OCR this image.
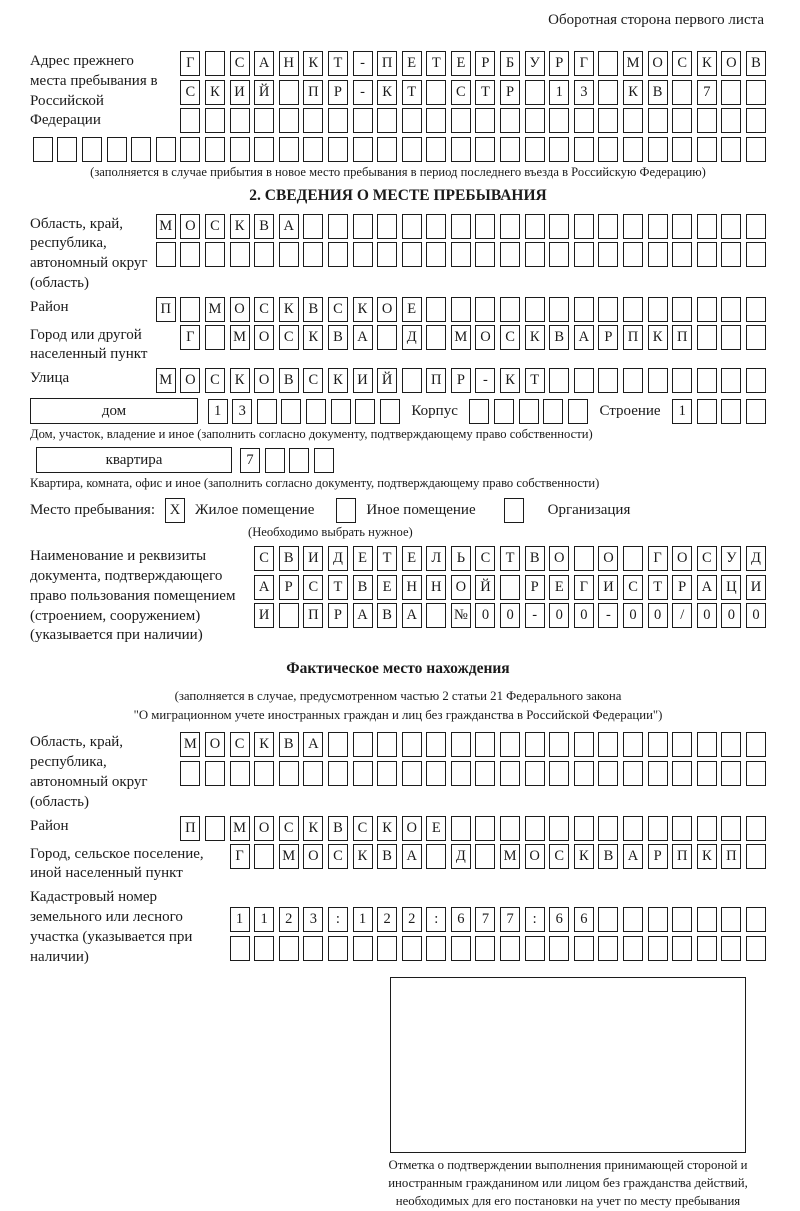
Оборотная сторона первого листа
Адрес прежнего места пребывания в Российской Федерации
Г	С	А Н	К	Т	-	П	Е	Т	Е	Р	Б	У	Р	Г	М О	С	К	О	В
С	К	И Й	П	Р	-	К	Т	С	Т	Р	1	3	К	В	7
(заполняется в случае прибытия в новое место пребывания в период последнего въезда в Российскую Федерацию)
2. СВЕДЕНИЯ О МЕСТЕ ПРЕБЫВАНИЯ
Область, край, республика, автономный округ (область)
М О	С	К	В	А
Район	П	М О	С	К	В	С	К	О	Е
Город или другой населенный пункт
Г	М О	С	К	В	А	Д	М О	С	К	В	А	Р	П	К	П
Улица	М О	С	К	О	В	С	К	И Й	П	Р	-	К	Т
дом	1	3	Корпус	Строение	1
Дом, участок, владение и иное (заполнить согласно документу, подтверждающему право собственности)
квартира	7
Квартира, комната, офис и иное (заполнить согласно документу, подтверждающему право собственности)
Место пребывания:	X Жилое помещение	Иное помещение	Организация
(Необходимо выбрать нужное)
Наименование и реквизиты документа, подтверждающего право пользования помещением (строением, сооружением) (указывается при наличии)
С	В	И Д	Е	Т	Е	Л	Ь	С	Т	В	О	О	Г	О	С	У	Д
А	Р	С	Т	В	Е	Н Н О Й	Р	Е	Г	И	С	Т	Р	А Ц И
И	П	Р	А	В	А	№ 0	0	-	0	0	-	0	0	/	0	0	0
Фактическое место нахождения
(заполняется в случае, предусмотренном частью 2 статьи 21 Федерального закона
"О миграционном учете иностранных граждан и лиц без гражданства в Российской Федерации")
Область, край, республика, автономный округ (область)
М О	С	К	В	А
Район	П	М О	С	К	В	С	К	О	Е
Город, сельское поселение, иной населенный пункт
Г	М О	С	К	В	А	Д	М О	С	К	В	А	Р	П	К	П
Кадастровый номер земельного или лесного участка (указывается при наличии)
1	1	2	3	:	1	2	2	:	6	7	7	:	6	6
Отметка о подтверждении выполнения принимающей стороной и иностранным гражданином или лицом без гражданства действий, необходимых для его постановки на учет по месту пребывания
